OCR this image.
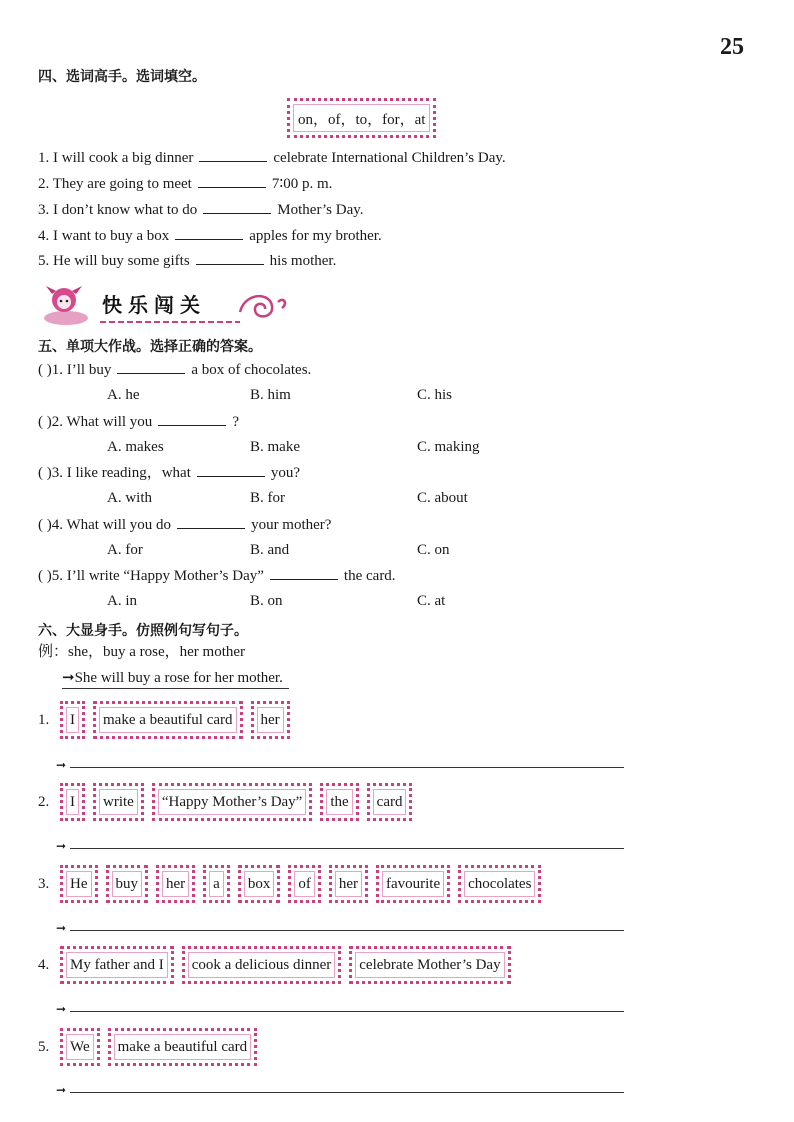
25
四、选词高手。选词填空。
on，of，to，for，at
1. I will cook a big dinner	celebrate International Children’s Day.
2. They are going to meet	7∶00 p. m.
3. I don’t know what to do	Mother’s Day.
4. I want to buy a box	apples for my brother.
5. He will buy some gifts	his mother.
快乐闯关
五、单项大作战。选择正确的答案。
( )1. I’ll buy	a box of chocolates.
A. he	B. him	C. his
( )2. What will you	?
A. makes	B. make	C. making
( )3. I like reading，what	you?
A. with	B. for	C. about
( )4. What will you do	your mother?
A. for	B. and	C. on
( )5. I’ll write “Happy Mother’s Day”	the card.
A. in	B. on	C. at
六、大显身手。仿照例句写句子。
例：she，buy a rose，her mother
➞She will buy a rose for her mother.
1.	I	make a beautiful card	her
➞
2.	I	write	“Happy Mother’s Day”	the	card
➞
3.	He	buy	her	a	box	of	her	favourite	chocolates
➞
4.	My father and I	cook a delicious dinner	celebrate Mother’s Day
➞
5.	We	make a beautiful card
➞
